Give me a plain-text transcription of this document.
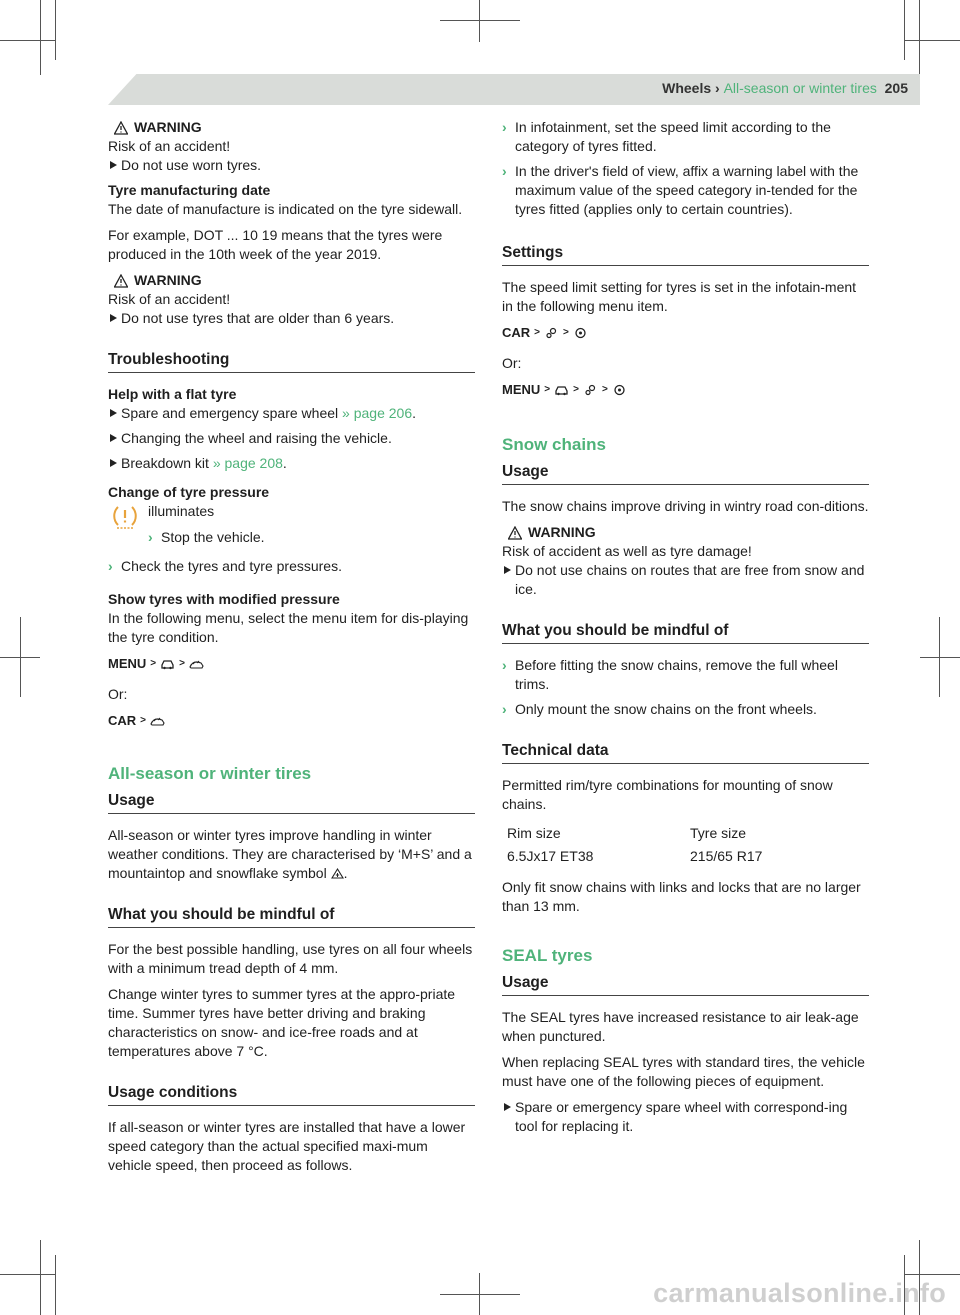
Wheels › All-season or winter tires 205
WARNING
Risk of an accident!
Do not use worn tyres.
Tyre manufacturing date

The date of manufacture is indicated on the tyre sidewall.

For example, DOT ... 10 19 means that the tyres were produced in the 10th week of the year 2019.

WARNING
Risk of an accident!
Do not use tyres that are older than 6 years.
Troubleshooting
Help with a flat tyre
Spare and emergency spare wheel » page 206.
Changing the wheel and raising the vehicle.
Breakdown kit » page 208.
Change of tyre pressure
illuminates
› Stop the vehicle.
› Check the tyres and tyre pressures.
Show tyres with modified pressure

In the following menu, select the menu item for dis-playing the tyre condition.

MENU > >

Or:

CAR >
All-season or winter tires
Usage

All-season or winter tyres improve handling in winter weather conditions. They are characterised by ‘M+S’ and a mountaintop and snowflake symbol .

What you should be mindful of

For the best possible handling, use tyres on all four wheels with a minimum tread depth of 4 mm.

Change winter tyres to summer tyres at the appro-priate time. Summer tyres have better driving and braking characteristics on snow- and ice-free roads and at temperatures above 7 °C.

Usage conditions

If all-season or winter tyres are installed that have a lower speed category than the actual specified maxi-mum vehicle speed, then proceed as follows.

› In infotainment, set the speed limit according to the category of tyres fitted.
› In the driver's field of view, affix a warning label with the maximum value of the speed category in-tended for the tyres fitted (applies only to certain countries).
Settings

The speed limit setting for tyres is set in the infotain-ment in the following menu item.

CAR > >

Or:

MENU > > >
Snow chains
Usage

The snow chains improve driving in wintry road con-ditions.

WARNING
Risk of accident as well as tyre damage!
Do not use chains on routes that are free from snow and ice.
What you should be mindful of
› Before fitting the snow chains, remove the full wheel trims.
› Only mount the snow chains on the front wheels.
Technical data

Permitted rim/tyre combinations for mounting of snow chains.

Rim size	Tyre size
6.5Jx17 ET38	215/65 R17

Only fit snow chains with links and locks that are no larger than 13 mm.

SEAL tyres
Usage

The SEAL tyres have increased resistance to air leak-age when punctured.

When replacing SEAL tyres with standard tires, the vehicle must have one of the following pieces of equipment.

Spare or emergency spare wheel with correspond-ing tool for replacing it.
carmanualsonline.info
